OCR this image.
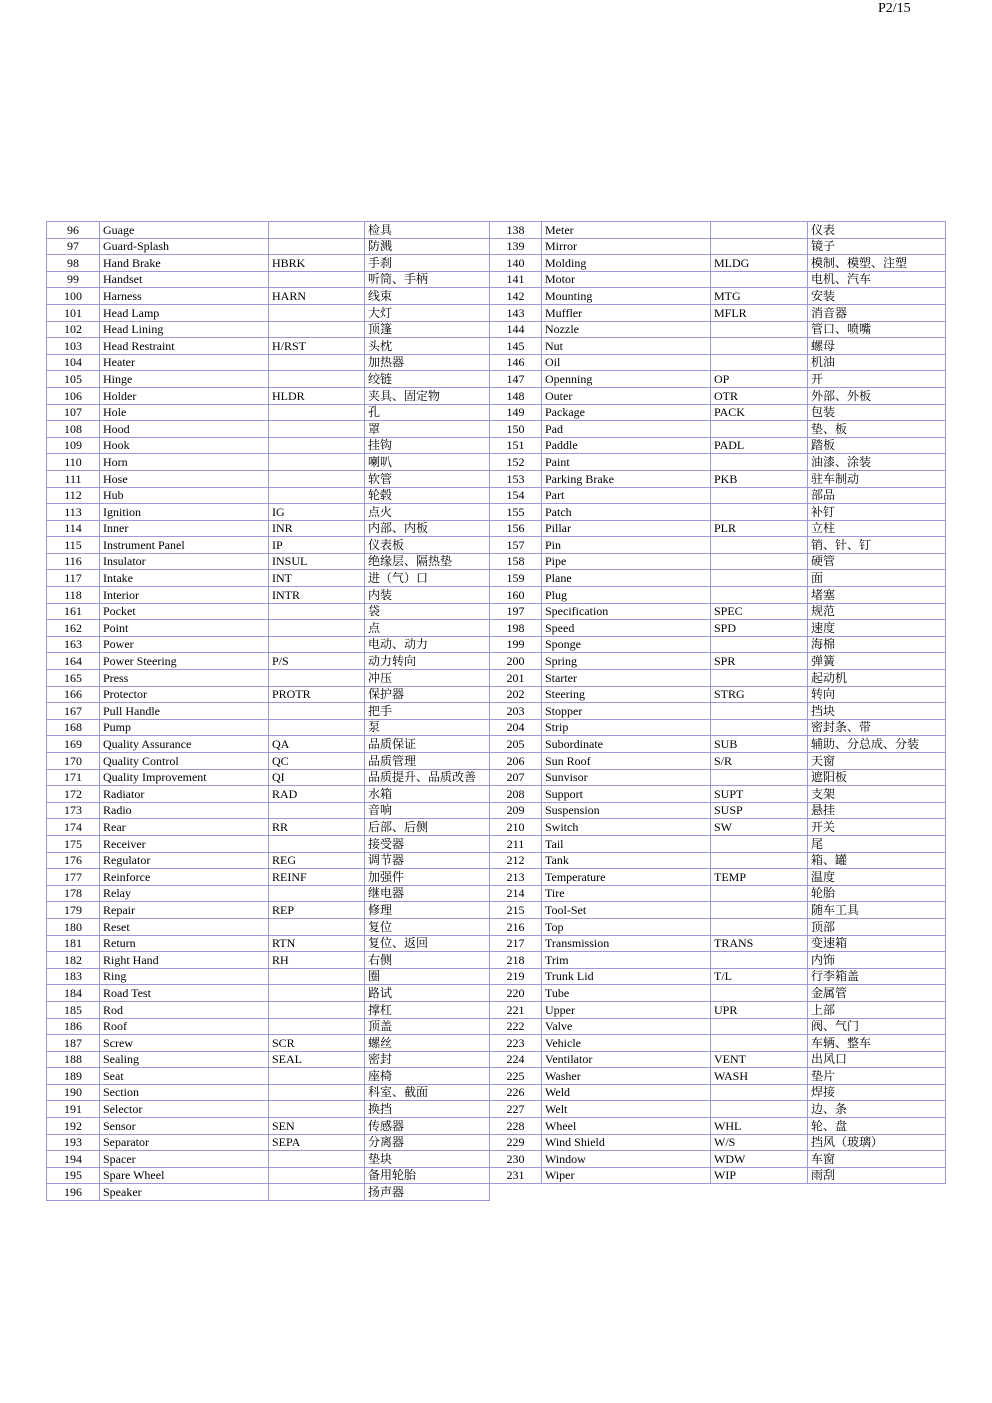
P2/15
96	Guage		检具
97	Guard-Splash		防溅
98	Hand Brake	HBRK	手刹
99	Handset		听筒、手柄
100	Harness	HARN	线束
101	Head Lamp		大灯
102	Head Lining		顶篷
103	Head Restraint	H/RST	头枕
104	Heater		加热器
105	Hinge		绞链
106	Holder	HLDR	夹具、固定物
107	Hole		孔
108	Hood		罩
109	Hook		挂钩
110	Horn		喇叭
111	Hose		软管
112	Hub		轮毂
113	Ignition	IG	点火
114	Inner	INR	内部、内板
115	Instrument Panel	IP	仪表板
116	Insulator	INSUL	绝缘层、隔热垫
117	Intake	INT	进（气）口
118	Interior	INTR	内装
161	Pocket		袋
162	Point		点
163	Power		电动、动力
164	Power Steering	P/S	动力转向
165	Press		冲压
166	Protector	PROTR	保护器
167	Pull Handle		把手
168	Pump		泵
169	Quality Assurance	QA	品质保证
170	Quality Control	QC	品质管理
171	Quality Improvement	QI	品质提升、品质改善
172	Radiator	RAD	水箱
173	Radio		音响
174	Rear	RR	后部、后侧
175	Receiver		接受器
176	Regulator	REG	调节器
177	Reinforce	REINF	加强件
178	Relay		继电器
179	Repair	REP	修理
180	Reset		复位
181	Return	RTN	复位、返回
182	Right Hand	RH	右侧
183	Ring		圈
184	Road Test		路试
185	Rod		撑杠
186	Roof		顶盖
187	Screw	SCR	螺丝
188	Sealing	SEAL	密封
189	Seat		座椅
190	Section		科室、截面
191	Selector		换挡
192	Sensor	SEN	传感器
193	Separator	SEPA	分离器
194	Spacer		垫块
195	Spare Wheel		备用轮胎
196	Speaker		扬声器
138	Meter		仪表
139	Mirror		镜子
140	Molding	MLDG	模制、模塑、注塑
141	Motor		电机、汽车
142	Mounting	MTG	安装
143	Muffler	MFLR	消音器
144	Nozzle		管口、喷嘴
145	Nut		螺母
146	Oil		机油
147	Openning	OP	开
148	Outer	OTR	外部、外板
149	Package	PACK	包装
150	Pad		垫、板
151	Paddle	PADL	踏板
152	Paint		油漆、涂装
153	Parking Brake	PKB	驻车制动
154	Part		部品
155	Patch		补钉
156	Pillar	PLR	立柱
157	Pin		销、针、钉
158	Pipe		硬管
159	Plane		面
160	Plug		堵塞
197	Specification	SPEC	规范
198	Speed	SPD	速度
199	Sponge		海棉
200	Spring	SPR	弹簧
201	Starter		起动机
202	Steering	STRG	转向
203	Stopper		挡块
204	Strip		密封条、带
205	Subordinate	SUB	辅助、分总成、分装
206	Sun Roof	S/R	天窗
207	Sunvisor		遮阳板
208	Support	SUPT	支架
209	Suspension	SUSP	悬挂
210	Switch	SW	开关
211	Tail		尾
212	Tank		箱、罐
213	Temperature	TEMP	温度
214	Tire		轮胎
215	Tool-Set		随车工具
216	Top		顶部
217	Transmission	TRANS	变速箱
218	Trim		内饰
219	Trunk Lid	T/L	行李箱盖
220	Tube		金属管
221	Upper	UPR	上部
222	Valve		阀、气门
223	Vehicle		车辆、整车
224	Ventilator	VENT	出风口
225	Washer	WASH	垫片
226	Weld		焊接
227	Welt		边、条
228	Wheel	WHL	轮、盘
229	Wind Shield	W/S	挡风（玻璃）
230	Window	WDW	车窗
231	Wiper	WIP	雨刮
